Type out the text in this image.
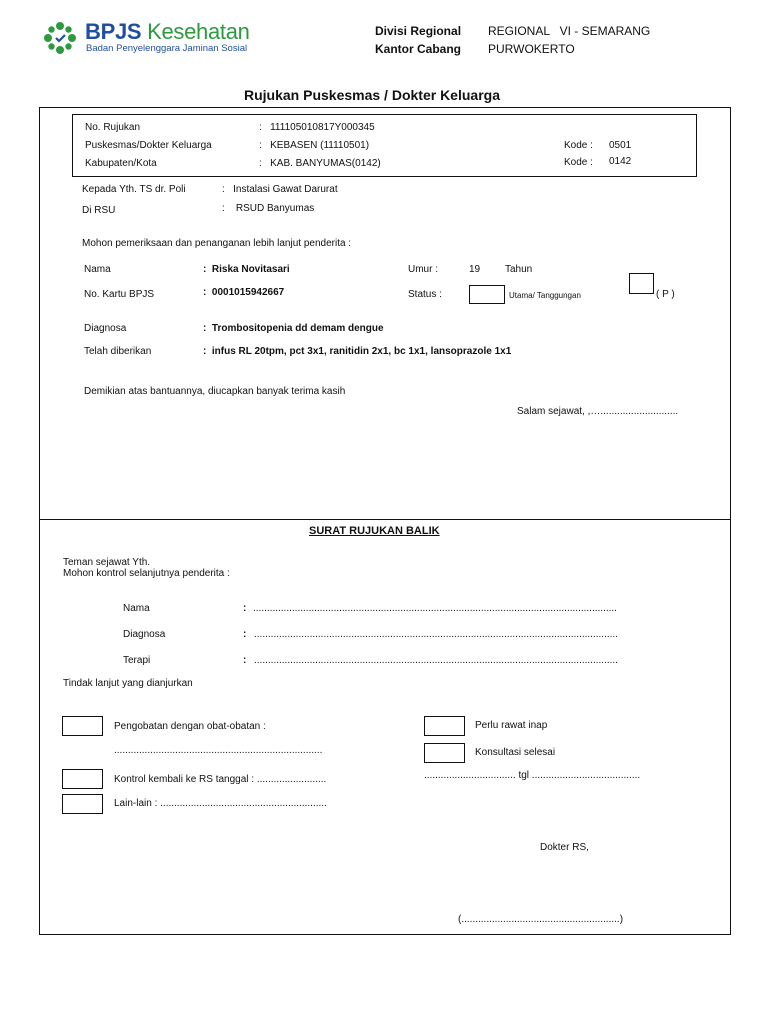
BPJS Kesehatan
Badan Penyelenggara Jaminan Sosial
Divisi Regional REGIONAL   VI - SEMARANG
Kantor Cabang PURWOKERTO
Rujukan Puskesmas / Dokter Keluarga
No. Rujukan	:   111105010817Y000345
Puskesmas/Dokter Keluarga	:   KEBASEN (11110501)	Kode : 0501
Kabupaten/Kota	:   KAB. BANYUMAS(0142)	Kode : 0142
Kepada Yth. TS dr. Poli	:   Instalasi Gawat Darurat
Di RSU	:    RSUD Banyumas
Mohon pemeriksaan dan penanganan lebih lanjut penderita :
Nama	:  Riska Novitasari	Umur :	19 Tahun
No. Kartu BPJS	:  0001015942667	Status :	Utama/ Tanggungan	( P )
Diagnosa	:  Trombositopenia dd demam dengue
Telah diberikan	:  infus RL 20tpm, pct 3x1, ranitidin 2x1, bc 1x1, lansoprazole 1x1
Demikian atas bantuannya, diucapkan banyak terima kasih
Salam sejawat, ,…............................
SURAT RUJUKAN BALIK
Teman sejawat Yth.
Mohon kontrol selanjutnya penderita :
Nama	: ...................................................................................................................................
Diagnosa	: ...................................................................................................................................
Terapi	: ...................................................................................................................................
Tindak lanjut yang dianjurkan
Pengobatan dengan obat-obatan :
...........................................................................
Kontrol kembali ke RS tanggal : .........................
Lain-lain : ............................................................
Perlu rawat inap
Konsultasi selesai
................................. tgl .......................................
Dokter RS,
(.........................................................)
